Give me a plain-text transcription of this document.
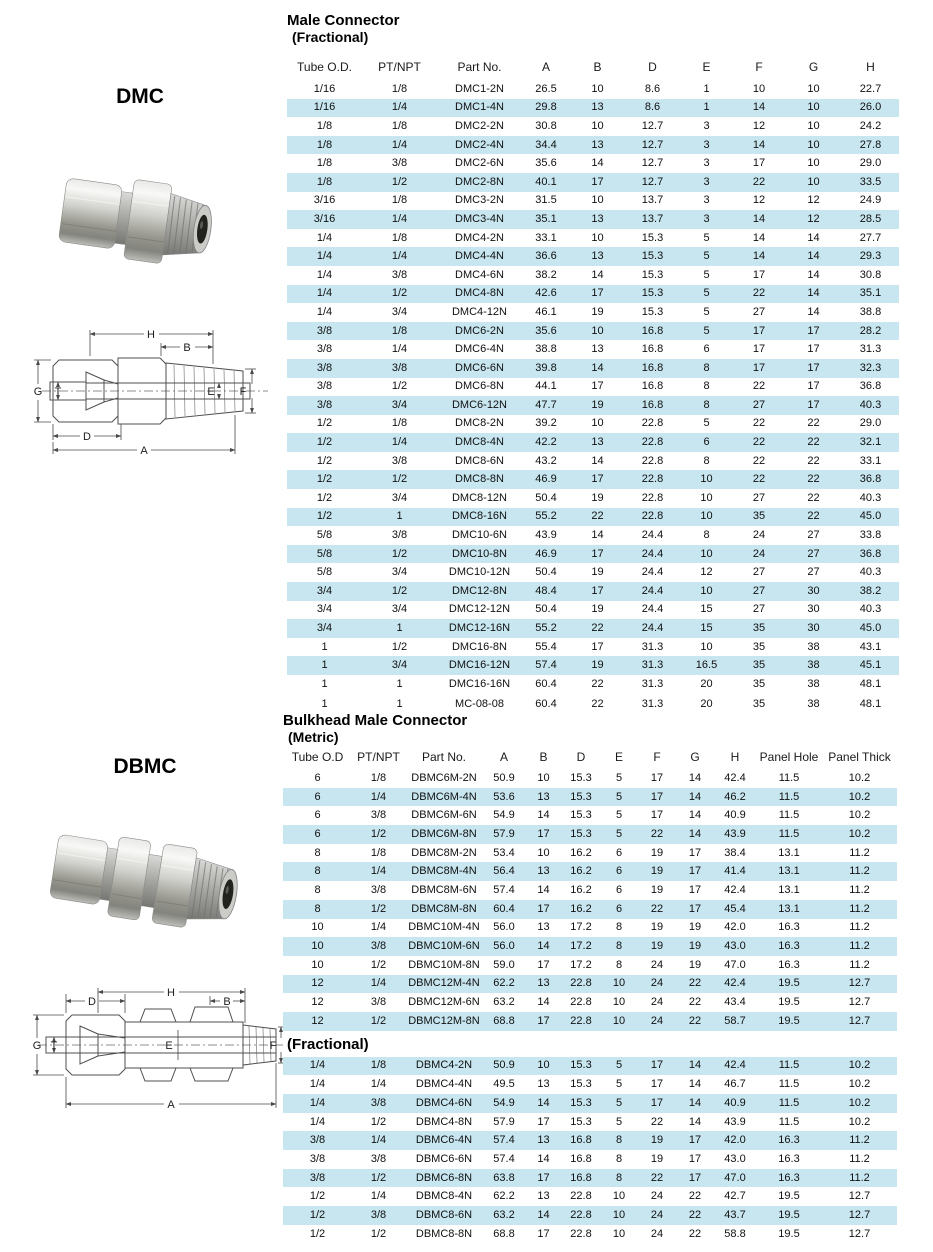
DMC
H
B
G T	E F
D
A
DBMC
H
D	B
G T	E	F
A
Male Connector
(Fractional)
Tube O.D.	PT/NPT	Part No.	A	B	D	E	F	G	H
1/16	1/8	DMC1-2N	26.5	10	8.6	1	10	10	22.7
1/16	1/4	DMC1-4N	29.8	13	8.6	1	14	10	26.0
1/8	1/8	DMC2-2N	30.8	10	12.7	3	12	10	24.2
1/8	1/4	DMC2-4N	34.4	13	12.7	3	14	10	27.8
1/8	3/8	DMC2-6N	35.6	14	12.7	3	17	10	29.0
1/8	1/2	DMC2-8N	40.1	17	12.7	3	22	10	33.5
3/16	1/8	DMC3-2N	31.5	10	13.7	3	12	12	24.9
3/16	1/4	DMC3-4N	35.1	13	13.7	3	14	12	28.5
1/4	1/8	DMC4-2N	33.1	10	15.3	5	14	14	27.7
1/4	1/4	DMC4-4N	36.6	13	15.3	5	14	14	29.3
1/4	3/8	DMC4-6N	38.2	14	15.3	5	17	14	30.8
1/4	1/2	DMC4-8N	42.6	17	15.3	5	22	14	35.1
1/4	3/4	DMC4-12N	46.1	19	15.3	5	27	14	38.8
3/8	1/8	DMC6-2N	35.6	10	16.8	5	17	17	28.2
3/8	1/4	DMC6-4N	38.8	13	16.8	6	17	17	31.3
3/8	3/8	DMC6-6N	39.8	14	16.8	8	17	17	32.3
3/8	1/2	DMC6-8N	44.1	17	16.8	8	22	17	36.8
3/8	3/4	DMC6-12N	47.7	19	16.8	8	27	17	40.3
1/2	1/8	DMC8-2N	39.2	10	22.8	5	22	22	29.0
1/2	1/4	DMC8-4N	42.2	13	22.8	6	22	22	32.1
1/2	3/8	DMC8-6N	43.2	14	22.8	8	22	22	33.1
1/2	1/2	DMC8-8N	46.9	17	22.8	10	22	22	36.8
1/2	3/4	DMC8-12N	50.4	19	22.8	10	27	22	40.3
1/2	1	DMC8-16N	55.2	22	22.8	10	35	22	45.0
5/8	3/8	DMC10-6N	43.9	14	24.4	8	24	27	33.8
5/8	1/2	DMC10-8N	46.9	17	24.4	10	24	27	36.8
5/8	3/4	DMC10-12N	50.4	19	24.4	12	27	27	40.3
3/4	1/2	DMC12-8N	48.4	17	24.4	10	27	30	38.2
3/4	3/4	DMC12-12N	50.4	19	24.4	15	27	30	40.3
3/4	1	DMC12-16N	55.2	22	24.4	15	35	30	45.0
1	1/2	DMC16-8N	55.4	17	31.3	10	35	38	43.1
1	3/4	DMC16-12N	57.4	19	31.3	16.5	35	38	45.1
1	1	DMC16-16N	60.4	22	31.3	20	35	38	48.1
1	1	MC-08-08	60.4	22	31.3	20	35	38	48.1
Bulkhead Male Connector
(Metric)
Tube O.D	PT/NPT	Part No.	A	B	D	E	F	G	H	Panel Hole	Panel Thick
6	1/8	DBMC6M-2N	50.9	10	15.3	5	17	14	42.4	11.5	10.2
6	1/4	DBMC6M-4N	53.6	13	15.3	5	17	14	46.2	11.5	10.2
6	3/8	DBMC6M-6N	54.9	14	15.3	5	17	14	40.9	11.5	10.2
6	1/2	DBMC6M-8N	57.9	17	15.3	5	22	14	43.9	11.5	10.2
8	1/8	DBMC8M-2N	53.4	10	16.2	6	19	17	38.4	13.1	11.2
8	1/4	DBMC8M-4N	56.4	13	16.2	6	19	17	41.4	13.1	11.2
8	3/8	DBMC8M-6N	57.4	14	16.2	6	19	17	42.4	13.1	11.2
8	1/2	DBMC8M-8N	60.4	17	16.2	6	22	17	45.4	13.1	11.2
10	1/4	DBMC10M-4N	56.0	13	17.2	8	19	19	42.0	16.3	11.2
10	3/8	DBMC10M-6N	56.0	14	17.2	8	19	19	43.0	16.3	11.2
10	1/2	DBMC10M-8N	59.0	17	17.2	8	24	19	47.0	16.3	11.2
12	1/4	DBMC12M-4N	62.2	13	22.8	10	24	22	42.4	19.5	12.7
12	3/8	DBMC12M-6N	63.2	14	22.8	10	24	22	43.4	19.5	12.7
12	1/2	DBMC12M-8N	68.8	17	22.8	10	24	22	58.7	19.5	12.7
(Fractional)
1/4	1/8	DBMC4-2N	50.9	10	15.3	5	17	14	42.4	11.5	10.2
1/4	1/4	DBMC4-4N	49.5	13	15.3	5	17	14	46.7	11.5	10.2
1/4	3/8	DBMC4-6N	54.9	14	15.3	5	17	14	40.9	11.5	10.2
1/4	1/2	DBMC4-8N	57.9	17	15.3	5	22	14	43.9	11.5	10.2
3/8	1/4	DBMC6-4N	57.4	13	16.8	8	19	17	42.0	16.3	11.2
3/8	3/8	DBMC6-6N	57.4	14	16.8	8	19	17	43.0	16.3	11.2
3/8	1/2	DBMC6-8N	63.8	17	16.8	8	22	17	47.0	16.3	11.2
1/2	1/4	DBMC8-4N	62.2	13	22.8	10	24	22	42.7	19.5	12.7
1/2	3/8	DBMC8-6N	63.2	14	22.8	10	24	22	43.7	19.5	12.7
1/2	1/2	DBMC8-8N	68.8	17	22.8	10	24	22	58.8	19.5	12.7
